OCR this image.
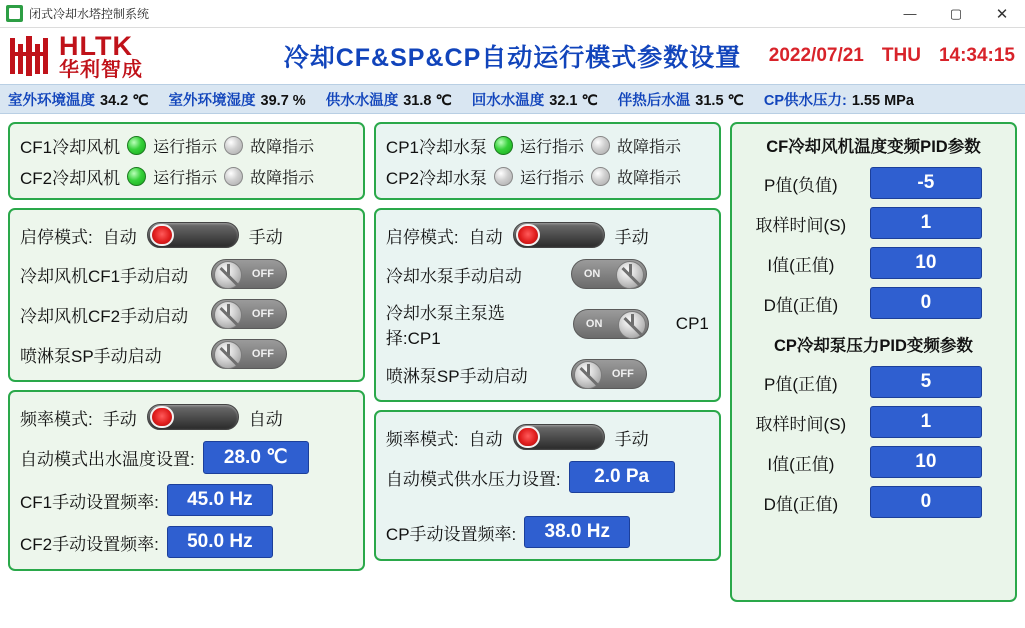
闭式冷却水塔控制系统	—	▢	✕
HLTK
华利智成	冷却CF&SP&CP自动运行模式参数设置	2022/07/21 THU 14:34:15
室外环境温度 34.2 ℃ 室外环境湿度 39.7 % 供水水温度 31.8 ℃ 回水水温度 32.1 ℃ 伴热后水温 31.5 ℃ CP供水压力: 1.55 MPa
CF1冷却风机 运行指示 故障指示
CF2冷却风机 运行指示 故障指示
启停模式: 自动	手动
冷却风机CF1手动启动	OFF
冷却风机CF2手动启动	OFF
喷淋泵SP手动启动	OFF
频率模式: 手动	自动
自动模式出水温度设置:	28.0 ℃
CF1手动设置频率:	45.0 Hz
CF2手动设置频率:	50.0 Hz
CP1冷却水泵 运行指示 故障指示
CP2冷却水泵 运行指示 故障指示
启停模式: 自动	手动
冷却水泵手动启动	ON
冷却水泵主泵选择:CP1
ON	CP1
喷淋泵SP手动启动	OFF
频率模式: 自动	手动
自动模式供水压力设置:	2.0 Pa
CP手动设置频率:	38.0 Hz
CF冷却风机温度变频PID参数
P值(负值)	-5
取样时间(S)	1
I值(正值)	10
D值(正值)	0
CP冷却泵压力PID变频参数
P值(正值)	5
取样时间(S)	1
I值(正值)	10
D值(正值)	0
